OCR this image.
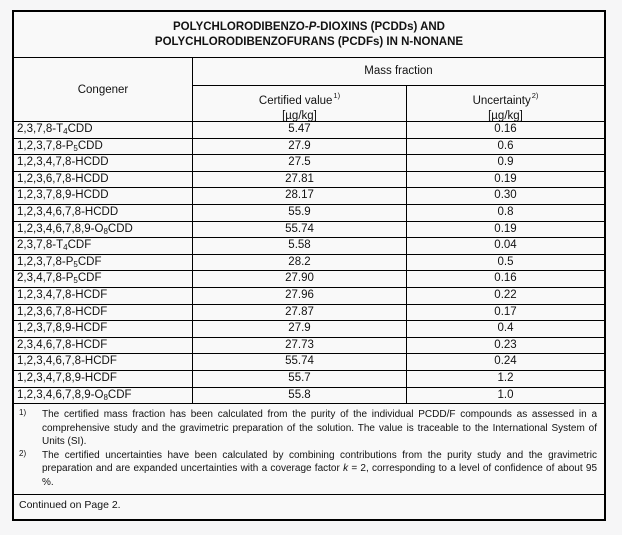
POLYCHLORODIBENZO-P-DIOXINS (PCDDs) AND
POLYCHLORODIBENZOFURANS (PCDFs) IN N-NONANE
Congener
Mass fraction
Certified value$^{1)}$
[µg/kg]
Uncertainty$^{2)}$
[µg/kg]
$2,3,7,8-T_4CDD$	5.47	0.16
$1,2,3,7,8-P_5CDD$	27.9	0.6
1,2,3,4,7,8-HCDD	27.5	0.9
1,2,3,6,7,8-HCDD	27.81	0.19
1,2,3,7,8,9-HCDD	28.17	0.30
1,2,3,4,6,7,8-HCDD	55.9	0.8
$1,2,3,4,6,7,8,9-O_8CDD$	55.74	0.19
$2,3,7,8-T_4CDF$	5.58	0.04
$1,2,3,7,8-P_5CDF$	28.2	0.5
$2,3,4,7,8-P_5CDF$	27.90	0.16
1,2,3,4,7,8-HCDF	27.96	0.22
1,2,3,6,7,8-HCDF	27.87	0.17
1,2,3,7,8,9-HCDF	27.9	0.4
2,3,4,6,7,8-HCDF	27.73	0.23
1,2,3,4,6,7,8-HCDF	55.74	0.24
1,2,3,4,7,8,9-HCDF	55.7	1.2
$1,2,3,4,6,7,8,9-O_8CDF$	55.8	1.0
1)	The certified mass fraction has been calculated from the purity of the individual PCDD/F compounds as assessed in a comprehensive study and the gravimetric preparation of the solution. The value is traceable to the International System of Units (SI).
2)	The certified uncertainties have been calculated by combining contributions from the purity study and the gravimetric preparation and are expanded uncertainties with a coverage factor k = 2, corresponding to a level of confidence of about 95 %.
Continued on Page 2.
